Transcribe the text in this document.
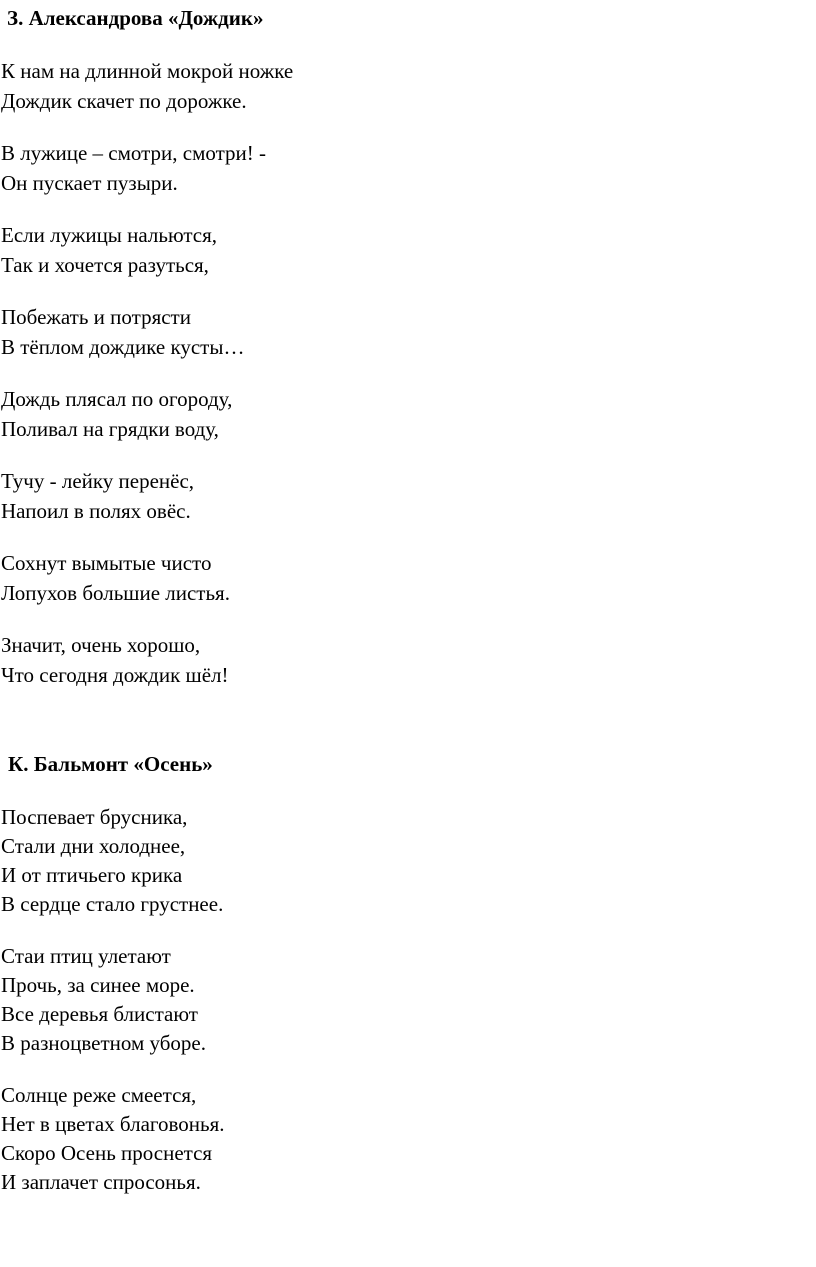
З. Александрова «Дождик»

К нам на длинной мокрой ножке
Дождик скачет по дорожке.

В лужице – смотри, смотри! -
Он пускает пузыри.

Если лужицы нальются,
Так и хочется разуться,

Побежать и потрясти
В тёплом дождике кусты…

Дождь плясал по огороду,
Поливал на грядки воду,

Тучу - лейку перенёс,
Напоил в полях овёс.

Сохнут вымытые чисто
Лопухов большие листья.

Значит, очень хорошо,
Что сегодня дождик шёл!

К. Бальмонт «Осень»

Поспевает брусника,
Стали дни холоднее,
И от птичьего крика
В сердце стало грустнее.

Стаи птиц улетают
Прочь, за синее море.
Все деревья блистают
В разноцветном уборе.

Солнце реже смеется,
Нет в цветах благовонья.
Скоро Осень проснется
И заплачет спросонья.
